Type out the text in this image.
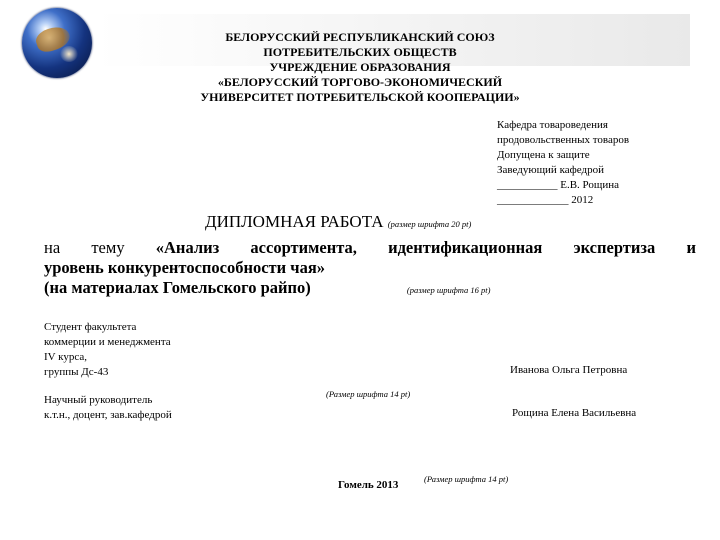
БЕЛОРУССКИЙ РЕСПУБЛИКАНСКИЙ СОЮЗ
ПОТРЕБИТЕЛЬСКИХ ОБЩЕСТВ
УЧРЕЖДЕНИЕ ОБРАЗОВАНИЯ
«БЕЛОРУССКИЙ ТОРГОВО-ЭКОНОМИЧЕСКИЙ
УНИВЕРСИТЕТ ПОТРЕБИТЕЛЬСКОЙ КООПЕРАЦИИ»
Кафедра товароведения
продовольственных товаров
Допущена к защите
Заведующий кафедрой
___________ Е.В. Рощина
_____________ 2012
ДИПЛОМНАЯ РАБОТА (размер шрифта 20 pt)
на тему «Анализ ассортимента, идентификационная экспертиза и
уровень конкурентоспособности чая»
(на материалах Гомельского райпо)	(размер шрифта 16 pt)
Студент факультета
коммерции и менеджмента
IV курса,
группы Дс-43	Иванова Ольга Петровна
(Размер шрифта 14 pt)
Научный руководитель
к.т.н., доцент, зав.кафедрой	Рощина Елена Васильевна
Гомель 2013	(Размер шрифта 14 pt)
